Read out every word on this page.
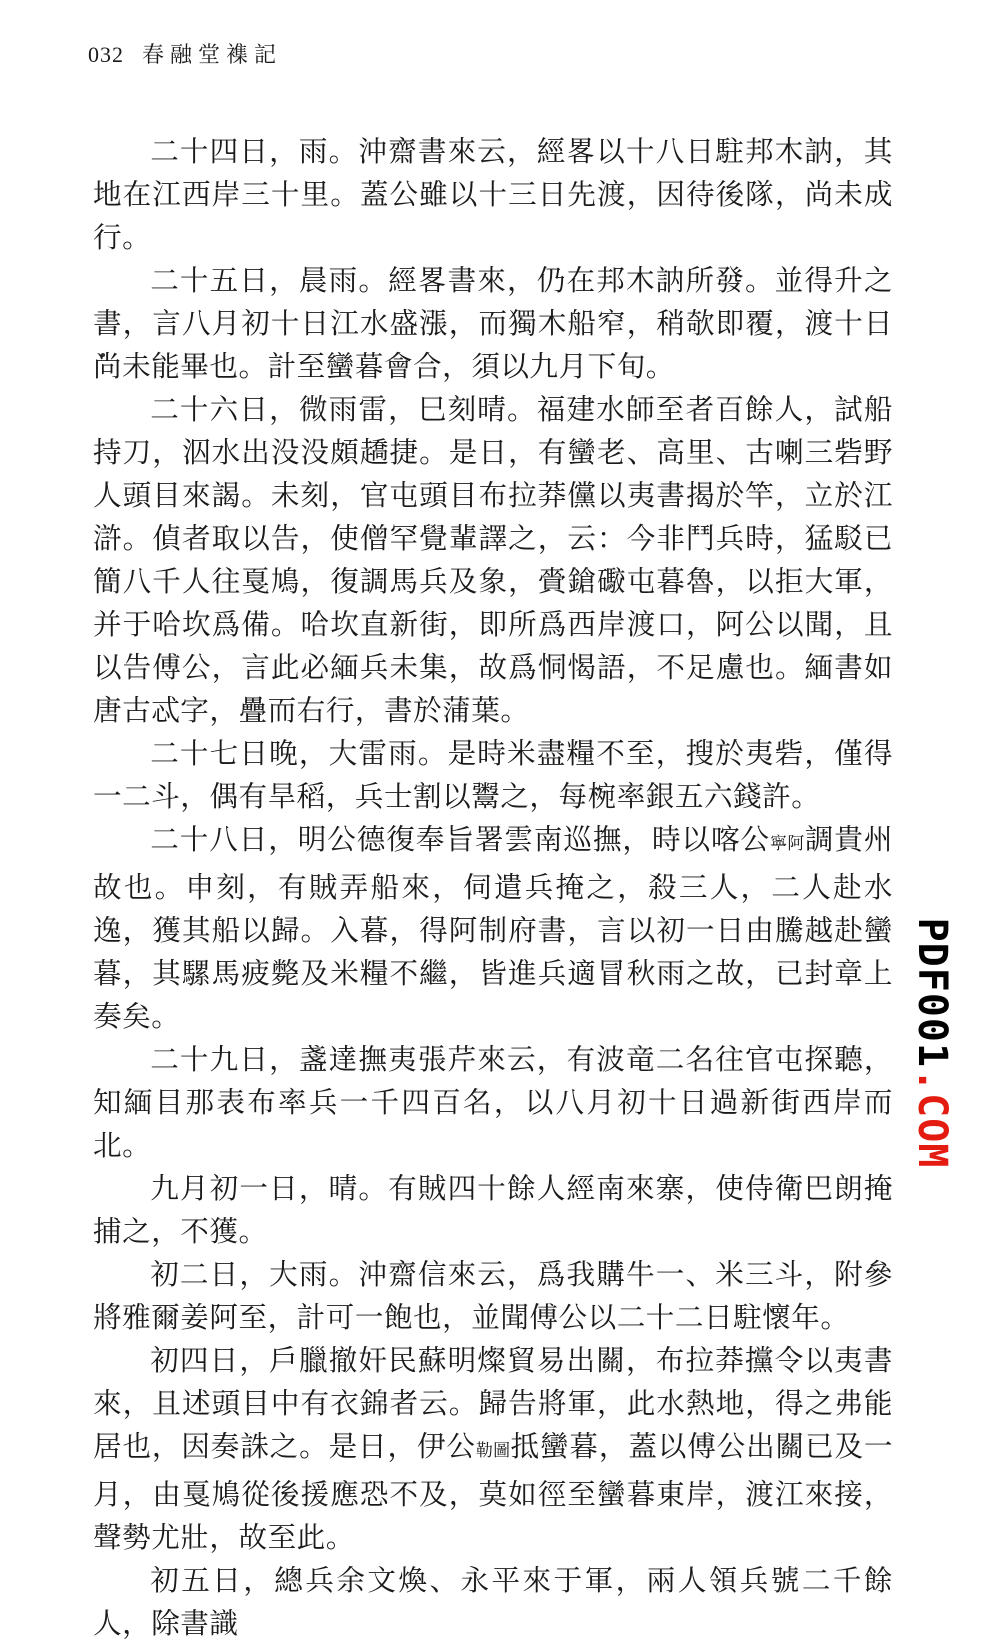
032 春融堂襍記

二十四日，雨。沖齋書來云，經畧以十八日駐邦木訥，其地在江西岸三十里。蓋公雖以十三日先渡，因待後隊，尚未成行。

二十五日，晨雨。經畧書來，仍在邦木訥所發。並得升之書，言八月初十日江水盛漲，而獨木船窄，稍欹即覆，渡十日尚未能畢也。計至蠻暮會合，須以九月下旬。

二十六日，微雨雷，巳刻晴。福建水師至者百餘人，試船持刀，泅水出没没頗趫捷。是日，有蠻老、高里、古喇三砦野人頭目來謁。未刻，官屯頭目布拉莽儻以夷書揭於竿，立於江滸。偵者取以告，使僧罕覺輩譯之，云：今非鬥兵時，猛駁已簡八千人往戛鳩，復調馬兵及象，賫鎗礮屯暮魯，以拒大軍，并于哈坎爲備。哈坎直新街，即所爲西岸渡口，阿公以聞，且以告傅公，言此必緬兵未集，故爲恫愒語，不足慮也。緬書如唐古忒字，疊而右行，書於蒲葉。

二十七日晚，大雷雨。是時米盡糧不至，搜於夷砦，僅得一二斗，偶有旱稻，兵士割以鬻之，每椀率銀五六錢許。

二十八日，明公德復奉旨署雲南巡撫，時以喀公寧阿調貴州故也。申刻，有賊弄船來，伺遣兵掩之，殺三人，二人赴水逸，獲其船以歸。入暮，得阿制府書，言以初一日由騰越赴蠻暮，其騾馬疲斃及米糧不繼，皆進兵適冒秋雨之故，已封章上奏矣。

二十九日，盞達撫夷張芹來云，有波竜二名往官屯探聽，知緬目那表布率兵一千四百名，以八月初十日過新街西岸而北。

九月初一日，晴。有賊四十餘人經南來寨，使侍衛巴朗掩捕之，不獲。

初二日，大雨。沖齋信來云，爲我購牛一、米三斗，附參將雅爾姜阿至，計可一飽也，並聞傅公以二十二日駐懷年。

初四日，戶臘撤奸民蘇明燦貿易出關，布拉莽攩令以夷書來，且述頭目中有衣錦者云。歸告將軍，此水熱地，得之弗能居也，因奏誅之。是日，伊公勒圖抵蠻暮，蓋以傅公出關已及一月，由戛鳩從後援應恐不及，莫如徑至蠻暮東岸，渡江來接，聲勢尤壯，故至此。

初五日，總兵余文煥、永平來于軍，兩人領兵號二千餘人，除書識

PDF001.COM
